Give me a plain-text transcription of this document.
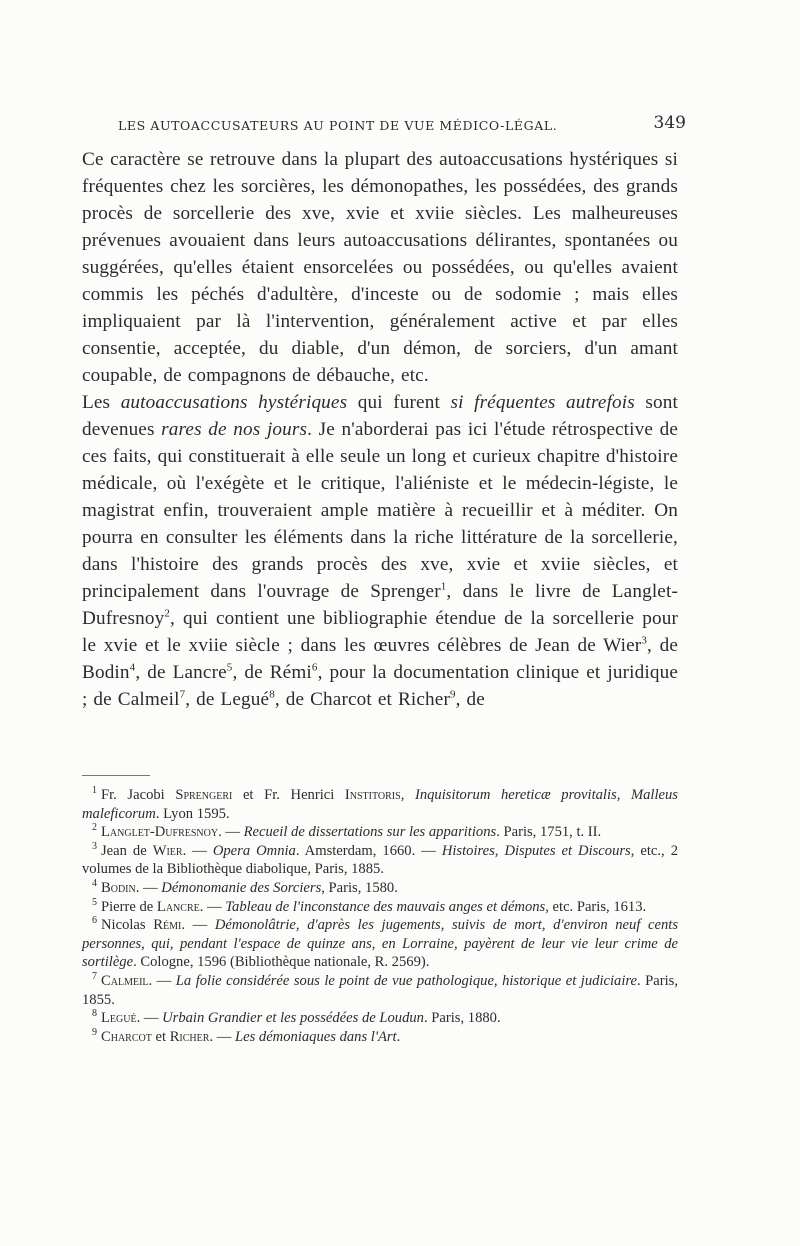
LES AUTOACCUSATEURS AU POINT DE VUE MÉDICO-LÉGAL.	349

Ce caractère se retrouve dans la plupart des autoaccusations hystériques si fréquentes chez les sorcières, les démonopathes, les possédées, des grands procès de sorcellerie des xve, xvie et xviie siècles. Les malheureuses prévenues avouaient dans leurs autoaccusations délirantes, spontanées ou suggérées, qu'elles étaient ensorcelées ou possédées, ou qu'elles avaient commis les péchés d'adultère, d'inceste ou de sodomie ; mais elles impliquaient par là l'intervention, généralement active et par elles consentie, acceptée, du diable, d'un démon, de sorciers, d'un amant coupable, de compagnons de débauche, etc.

Les autoaccusations hystériques qui furent si fréquentes autrefois sont devenues rares de nos jours. Je n'aborderai pas ici l'étude rétrospective de ces faits, qui constituerait à elle seule un long et curieux chapitre d'histoire médicale, où l'exégète et le critique, l'aliéniste et le médecin-légiste, le magistrat enfin, trouveraient ample matière à recueillir et à méditer. On pourra en consulter les éléments dans la riche littérature de la sorcellerie, dans l'histoire des grands procès des xve, xvie et xviie siècles, et principalement dans l'ouvrage de Sprenger$^1$, dans le livre de Langlet-Dufresnoy$^2$, qui contient une bibliographie étendue de la sorcellerie pour le xvie et le xviie siècle ; dans les œuvres célèbres de Jean de Wier$^3$, de Bodin$^4$, de Lancre$^5$, de Rémi$^6$, pour la documentation clinique et juridique ; de Calmeil$^7$, de Legué$^8$, de Charcot et Richer$^9$, de

$^1$ Fr. Jacobi Sprengeri et Fr. Henrici Institoris, Inquisitorum hereticæ provitalis, Malleus maleficorum. Lyon 1595.

$^2$ Langlet-Dufresnoy. — Recueil de dissertations sur les apparitions. Paris, 1751, t. II.

$^3$ Jean de Wier. — Opera Omnia. Amsterdam, 1660. — Histoires, Disputes et Discours, etc., 2 volumes de la Bibliothèque diabolique, Paris, 1885.

$^4$ Bodin. — Démonomanie des Sorciers, Paris, 1580.

$^5$ Pierre de Lancre. — Tableau de l'inconstance des mauvais anges et démons, etc. Paris, 1613.

$^6$ Nicolas Rémi. — Démonolâtrie, d'après les jugements, suivis de mort, d'environ neuf cents personnes, qui, pendant l'espace de quinze ans, en Lorraine, payèrent de leur vie leur crime de sortilège. Cologne, 1596 (Bibliothèque nationale, R. 2569).

$^7$ Calmeil. — La folie considérée sous le point de vue pathologique, historique et judiciaire. Paris, 1855.

$^8$ Legué. — Urbain Grandier et les possédées de Loudun. Paris, 1880.

$^9$ Charcot et Richer. — Les démoniaques dans l'Art.
